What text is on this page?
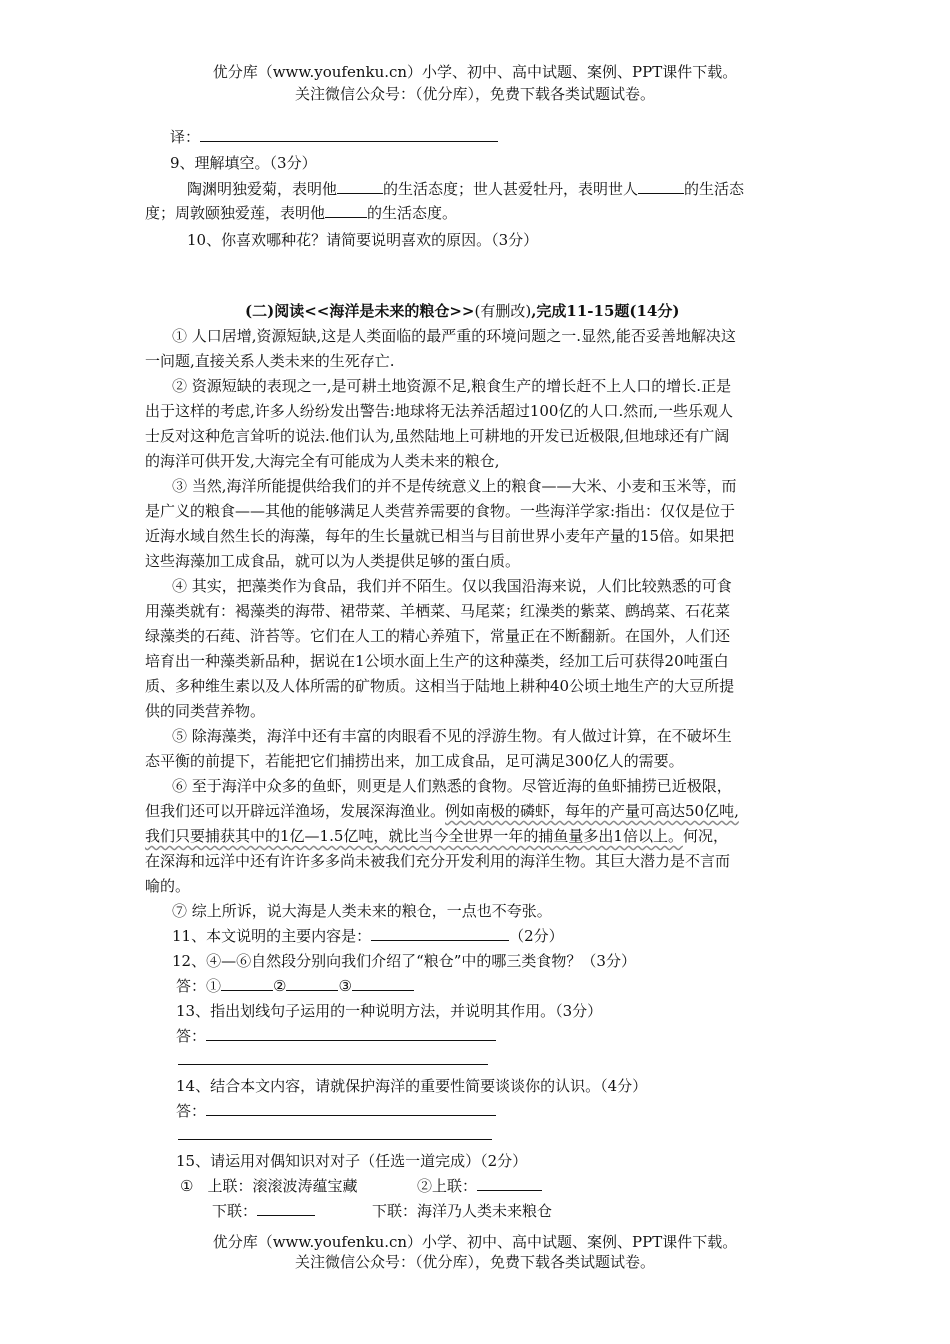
优分库（www.youfenku.cn）小学、初中、高中试题、案例、PPT课件下载。
关注微信公众号：（优分库），免费下载各类试题试卷。
译：
9、理解填空。（3分）
陶渊明独爱菊，表明他	的生活态度；世人甚爱牡丹，表明世人	的生活态
度；周敦颐独爱莲，表明他	的生活态度。
10、你喜欢哪种花？请简要说明喜欢的原因。（3分）
(二)阅读<<海洋是未来的粮仓>>(有删改),完成11-15题(14分)
① 人口居增,资源短缺,这是人类面临的最严重的环境问题之一.显然,能否妥善地解决这
一问题,直接关系人类未来的生死存亡.
② 资源短缺的表现之一,是可耕土地资源不足,粮食生产的增长赶不上人口的增长.正是
出于这样的考虑,许多人纷纷发出警告:地球将无法养活超过100亿的人口.然而,一些乐观人
士反对这种危言耸听的说法.他们认为,虽然陆地上可耕地的开发已近极限,但地球还有广阔
的海洋可供开发,大海完全有可能成为人类未来的粮仓,
③ 当然,海洋所能提供给我们的并不是传统意义上的粮食——大米、小麦和玉米等，而
是广义的粮食——其他的能够满足人类营养需要的食物。一些海洋学家:指出：仅仅是位于
近海水域自然生长的海藻，每年的生长量就已相当与目前世界小麦年产量的15倍。如果把
这些海藻加工成食品，就可以为人类提供足够的蛋白质。
④ 其实，把藻类作为食品，我们并不陌生。仅以我国沿海来说，人们比较熟悉的可食
用藻类就有：褐藻类的海带、裙带菜、羊栖菜、马尾菜；红澡类的紫菜、鹧鸪菜、石花菜
绿藻类的石莼、浒苔等。它们在人工的精心养殖下，常量正在不断翻新。在国外，人们还
培育出一种藻类新品种，据说在1公顷水面上生产的这种藻类，经加工后可获得20吨蛋白
质、多种维生素以及人体所需的矿物质。这相当于陆地上耕种40公顷土地生产的大豆所提
供的同类营养物。
⑤ 除海藻类，海洋中还有丰富的肉眼看不见的浮游生物。有人做过计算，在不破坏生
态平衡的前提下，若能把它们捕捞出来，加工成食品，足可满足300亿人的需要。
⑥ 至于海洋中众多的鱼虾，则更是人们熟悉的食物。尽管近海的鱼虾捕捞已近极限，
但我们还可以开辟远洋渔场，发展深海渔业。例如南极的磷虾，每年的产量可高达50亿吨,
我们只要捕获其中的1亿—1.5亿吨，就比当今全世界一年的捕鱼量多出1倍以上。何况，
在深海和远洋中还有许许多多尚未被我们充分开发利用的海洋生物。其巨大潜力是不言而
喻的。
⑦ 综上所诉，说大海是人类未来的粮仓，一点也不夸张。
11、本文说明的主要内容是：	（2分）
12、④—⑥自然段分别向我们介绍了“粮仓”中的哪三类食物？（3分）
答：①	②	③
13、指出划线句子运用的一种说明方法，并说明其作用。（3分）
答：
14、结合本文内容，请就保护海洋的重要性简要谈谈你的认识。（4分）
答：
15、请运用对偶知识对对子（任选一道完成）（2分）
① 上联：滚滚波涛蕴宝藏	②上联：
下联：	下联：海洋乃人类未来粮仓
优分库（www.youfenku.cn）小学、初中、高中试题、案例、PPT课件下载。
关注微信公众号：（优分库），免费下载各类试题试卷。
